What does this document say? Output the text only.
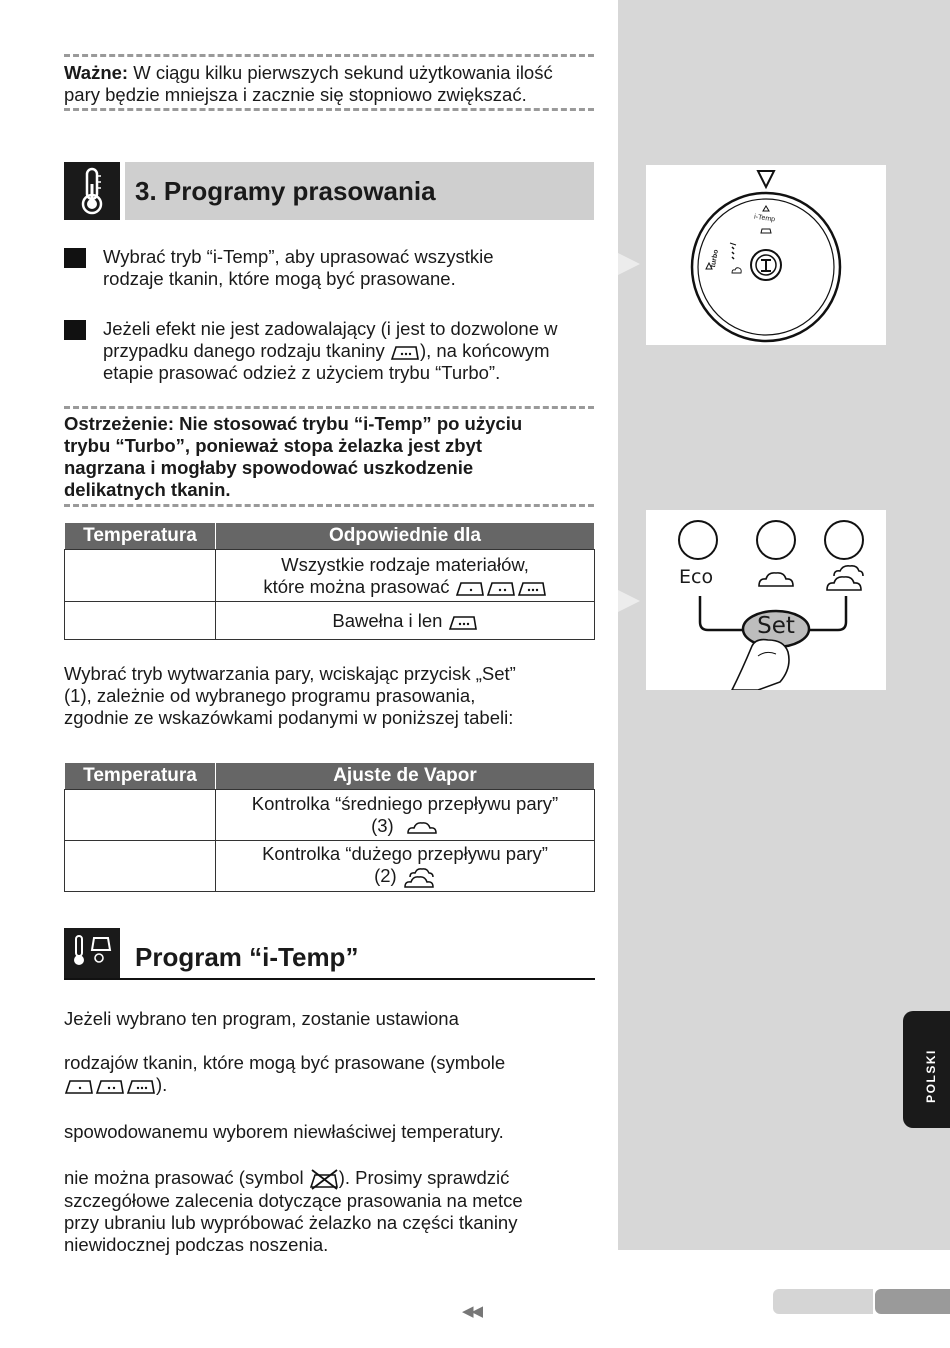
Ważne: W ciągu kilku pierwszych sekund użytkowania ilość
pary będzie mniejsza i zacznie się stopniowo zwiększać.
3. Programy prasowania
Wybrać tryb “i-Temp”, aby uprasować wszystkie
rodzaje tkanin, które mogą być prasowane.
Jeżeli efekt nie jest zadowalający (i jest to dozwolone w
przypadku danego rodzaju tkaniny ), na końcowym
etapie prasować odzież z użyciem trybu “Turbo”.
Ostrzeżenie: Nie stosować trybu “i-Temp” po użyciu
trybu “Turbo”, ponieważ stopa żelazka jest zbyt
nagrzana i mogłaby spowodować uszkodzenie
delikatnych tkanin.
Temperatura	Odpowiednie dla
	Wszystkie rodzaje materiałów,
które można prasować
	Bawełna i len
Wybrać tryb wytwarzania pary, wciskając przycisk „Set”
(1), zależnie od wybranego programu prasowania,
zgodnie ze wskazówkami podanymi w poniższej tabeli:
Temperatura	Ajuste de Vapor
	Kontrolka “średniego przepływu pary”
(3)
	Kontrolka “dużego przepływu pary”
(2)
Program “i-Temp”
Jeżeli wybrano ten program, zostanie ustawiona
rodzajów tkanin, które mogą być prasowane (symbole
).
spowodowanemu wyborem niewłaściwej temperatury.
nie można prasować (symbol ). Prosimy sprawdzić
szczegółowe zalecenia dotyczące prasowania na metce
przy ubraniu lub wypróbować żelazko na części tkaniny
niewidocznej podczas noszenia.
i-Temp
turbo
Eco
Set
POLSKI
◀◀
